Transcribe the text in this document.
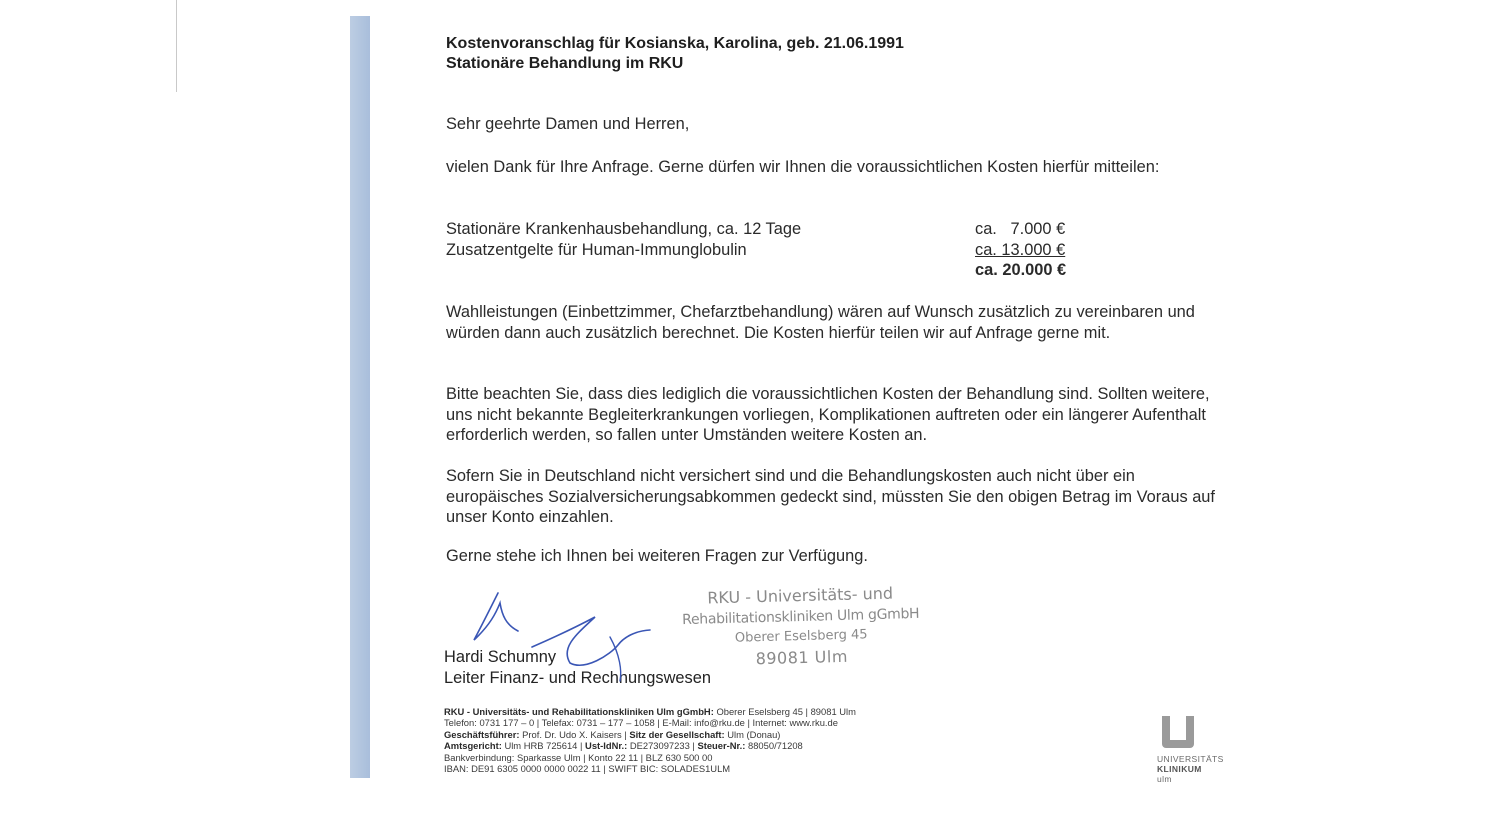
Kostenvoranschlag für Kosianska, Karolina, geb. 21.06.1991
Stationäre Behandlung im RKU
Sehr geehrte Damen und Herren,
vielen Dank für Ihre Anfrage. Gerne dürfen wir Ihnen die voraussichtlichen Kosten hierfür mitteilen:
Stationäre Krankenhausbehandlung, ca. 12 Tage	ca.   7.000 €
Zusatzentgelte für Human-Immunglobulin	ca. 13.000 €
ca. 20.000 €
Wahlleistungen (Einbettzimmer, Chefarztbehandlung) wären auf Wunsch zusätzlich zu vereinbaren und würden dann auch zusätzlich berechnet. Die Kosten hierfür teilen wir auf Anfrage gerne mit.
Bitte beachten Sie, dass dies lediglich die voraussichtlichen Kosten der Behandlung sind. Sollten weitere, uns nicht bekannte Begleiterkrankungen vorliegen, Komplikationen auftreten oder ein längerer Aufenthalt erforderlich werden, so fallen unter Umständen weitere Kosten an.
Sofern Sie in Deutschland nicht versichert sind und die Behandlungskosten auch nicht über ein europäisches Sozialversicherungsabkommen gedeckt sind, müssten Sie den obigen Betrag im Voraus auf unser Konto einzahlen.
Gerne stehe ich Ihnen bei weiteren Fragen zur Verfügung.
RKU - Universitäts- und
Rehabilitationskliniken Ulm gGmbH
Oberer Eselsberg 45
89081 Ulm
Hardi Schumny
Leiter Finanz- und Rechnungswesen
RKU - Universitäts- und Rehabilitationskliniken Ulm gGmbH: Oberer Eselsberg 45 | 89081 Ulm
Telefon: 0731 177 – 0 | Telefax: 0731 – 177 – 1058 | E-Mail: info@rku.de | Internet: www.rku.de
Geschäftsführer: Prof. Dr. Udo X. Kaisers | Sitz der Gesellschaft: Ulm (Donau)
Amtsgericht: Ulm HRB 725614 | Ust-IdNr.: DE273097233 | Steuer-Nr.: 88050/71208
Bankverbindung: Sparkasse Ulm | Konto 22 11 | BLZ 630 500 00
IBAN: DE91 6305 0000 0000 0022 11 | SWIFT BIC: SOLADES1ULM
UNIVERSITÄTS
KLINIKUM
ulm
